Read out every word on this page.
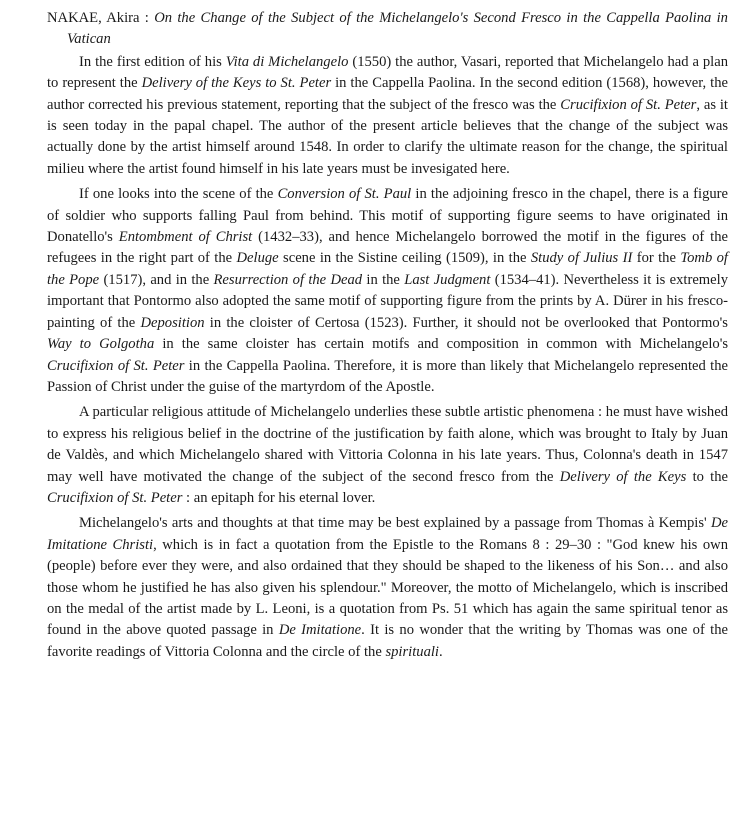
NAKAE, Akira : On the Change of the Subject of the Michelangelo's Second Fresco in the Cappella Paolina in Vatican

In the first edition of his Vita di Michelangelo (1550) the author, Vasari, reported that Michelangelo had a plan to represent the Delivery of the Keys to St. Peter in the Cappella Paolina. In the second edition (1568), however, the author corrected his previous statement, reporting that the subject of the fresco was the Crucifixion of St. Peter, as it is seen today in the papal chapel. The author of the present article believes that the change of the subject was actually done by the artist himself around 1548. In order to clarify the ultimate reason for the change, the spiritual milieu where the artist found himself in his late years must be invesigated here.

If one looks into the scene of the Conversion of St. Paul in the adjoining fresco in the chapel, there is a figure of soldier who supports falling Paul from behind. This motif of supporting figure seems to have originated in Donatello's Entombment of Christ (1432–33), and hence Michelangelo borrowed the motif in the figures of the refugees in the right part of the Deluge scene in the Sistine ceiling (1509), in the Study of Julius II for the Tomb of the Pope (1517), and in the Resurrection of the Dead in the Last Judgment (1534–41). Nevertheless it is extremely important that Pontormo also adopted the same motif of supporting figure from the prints by A. Dürer in his fresco-painting of the Deposition in the cloister of Certosa (1523). Further, it should not be overlooked that Pontormo's Way to Golgotha in the same cloister has certain motifs and composition in common with Michelangelo's Crucifixion of St. Peter in the Cappella Paolina. Therefore, it is more than likely that Michelangelo represented the Passion of Christ under the guise of the martyrdom of the Apostle.

A particular religious attitude of Michelangelo underlies these subtle artistic phenomena : he must have wished to express his religious belief in the doctrine of the justification by faith alone, which was brought to Italy by Juan de Valdès, and which Michelangelo shared with Vittoria Colonna in his late years. Thus, Colonna's death in 1547 may well have motivated the change of the subject of the second fresco from the Delivery of the Keys to the Crucifixion of St. Peter : an epitaph for his eternal lover.

Michelangelo's arts and thoughts at that time may be best explained by a passage from Thomas à Kempis' De Imitatione Christi, which is in fact a quotation from the Epistle to the Romans 8 : 29–30 : "God knew his own (people) before ever they were, and also ordained that they should be shaped to the likeness of his Son… and also those whom he justified he has also given his splendour." Moreover, the motto of Michelangelo, which is inscribed on the medal of the artist made by L. Leoni, is a quotation from Ps. 51 which has again the same spiritual tenor as found in the above quoted passage in De Imitatione. It is no wonder that the writing by Thomas was one of the favorite readings of Vittoria Colonna and the circle of the spirituali.
